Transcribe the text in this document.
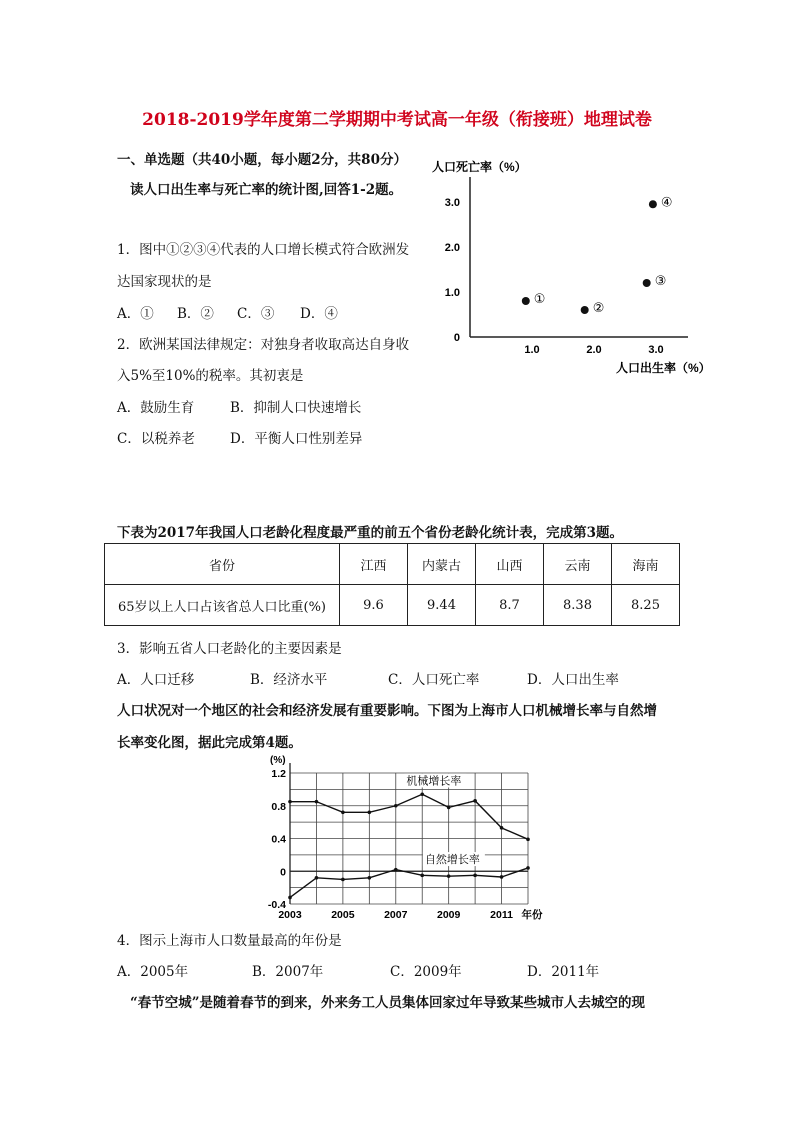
2018-2019学年度第二学期期中考试高一年级（衔接班）地理试卷
一、单选题（共40小题，每小题2分，共80分）
读人口出生率与死亡率的统计图,回答1-2题。
1．图中①②③④代表的人口增长模式符合欧洲发
达国家现状的是
A．① B．② C．③ D．④
2．欧洲某国法律规定：对独身者收取高达自身收
入5%至10%的税率。其初衷是
A．鼓励生育	B．抑制人口快速增长
C．以税养老	D．平衡人口性别差异
人口死亡率（%）
0
1.0
2.0
3.0
1.0	2.0	3.0
①
②
③
④
人口出生率（%）
下表为2017年我国人口老龄化程度最严重的前五个省份老龄化统计表，完成第3题。
省份	江西	内蒙古	山西	云南	海南
65岁以上人口占该省总人口比重(%)	9.6	9.44	8.7	8.38	8.25
3．影响五省人口老龄化的主要因素是
A．人口迁移	B．经济水平	C．人口死亡率	D．人口出生率
人口状况对一个地区的社会和经济发展有重要影响。下图为上海市人口机械增长率与自然增
长率变化图，据此完成第4题。
(%)
1.2
0.8
0.4
0
-0.4
2003	2005	2007	2009	2011 年份
机械增长率
自然增长率
4．图示上海市人口数量最高的年份是
A．2005年	B．2007年	C．2009年	D．2011年
“春节空城”是随着春节的到来，外来务工人员集体回家过年导致某些城市人去城空的现
